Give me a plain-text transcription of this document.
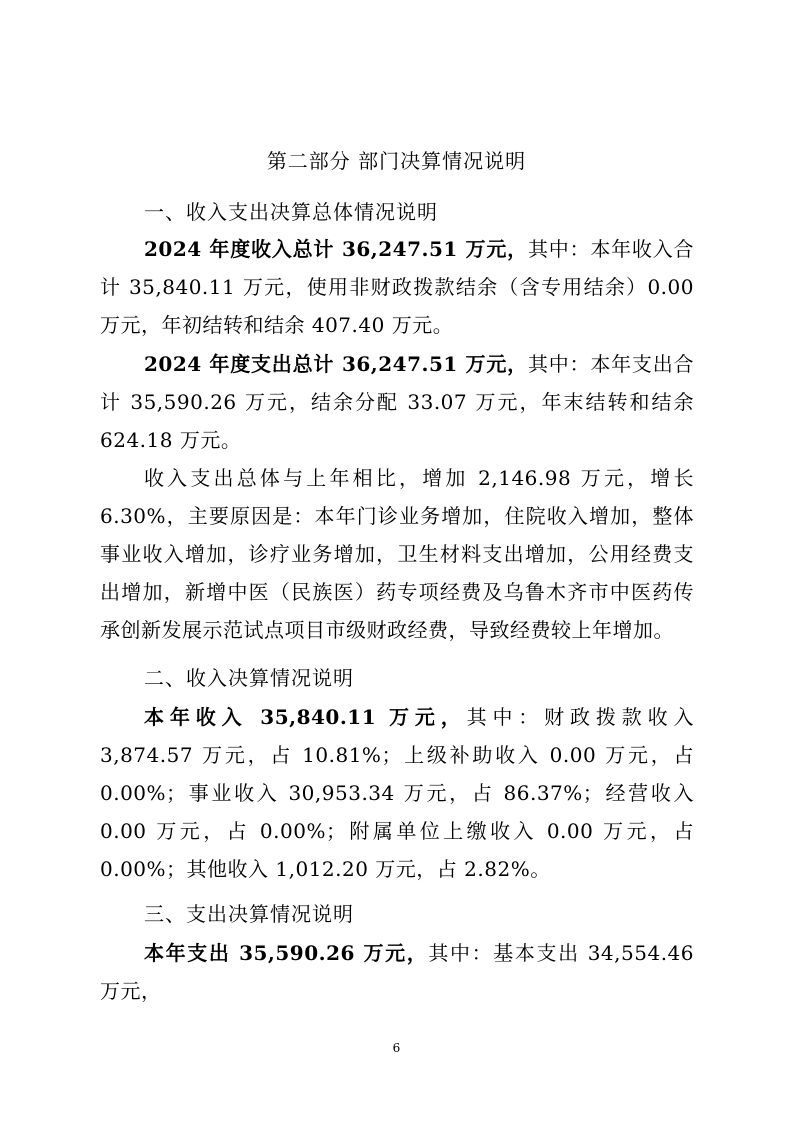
第二部分 部门决算情况说明
一、收入支出决算总体情况说明
2024 年度收入总计 36,247.51 万元，其中：本年收入合计 35,840.11 万元，使用非财政拨款结余（含专用结余）0.00 万元，年初结转和结余 407.40 万元。
2024 年度支出总计 36,247.51 万元，其中：本年支出合计 35,590.26 万元，结余分配 33.07 万元，年末结转和结余 624.18 万元。
收入支出总体与上年相比，增加 2,146.98 万元，增长 6.30%，主要原因是：本年门诊业务增加，住院收入增加，整体事业收入增加，诊疗业务增加，卫生材料支出增加，公用经费支出增加，新增中医（民族医）药专项经费及乌鲁木齐市中医药传承创新发展示范试点项目市级财政经费，导致经费较上年增加。
二、收入决算情况说明
本年收入 35,840.11 万元，其中：财政拨款收入 3,874.57 万元，占 10.81%；上级补助收入 0.00 万元，占 0.00%；事业收入 30,953.34 万元，占 86.37%；经营收入 0.00 万元，占 0.00%；附属单位上缴收入 0.00 万元，占 0.00%；其他收入 1,012.20 万元，占 2.82%。
三、支出决算情况说明
本年支出 35,590.26 万元，其中：基本支出 34,554.46 万元，
6
